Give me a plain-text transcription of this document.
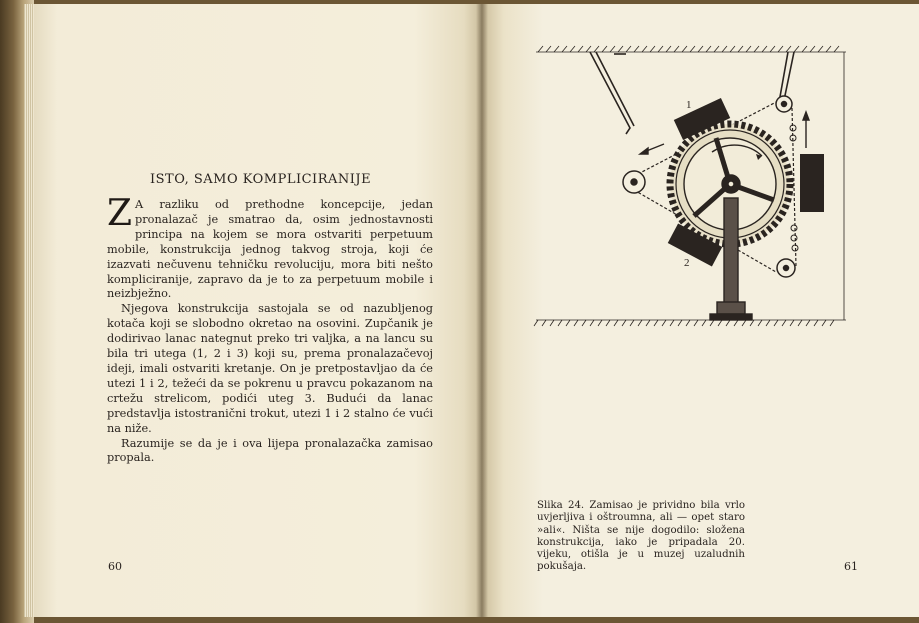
ISTO, SAMO KOMPLICIRANIJE

Z A razliku od prethodne koncepcije, jedan pronalazač je smatrao da, osim jednostavnosti principa na kojem se mora ostvariti perpetuum mobile, konstrukcija jednog takvog stroja, koji će izazvati nečuvenu tehničku revoluciju, mora biti nešto kompliciranije, zapravo da je to za perpetuum mobile i neizbježno.

Njegova konstrukcija sastojala se od nazubljenog kotača koji se slobodno okretao na osovini. Zupčanik je dodirivao lanac nategnut preko tri valjka, a na lancu su bila tri utega (1, 2 i 3) koji su, prema pronalazačevoj ideji, imali ostvariti kretanje. On je pretpostavljao da će utezi 1 i 2, težeći da se pokrenu u pravcu pokazanom na crtežu strelicom, podići uteg 3. Budući da lanac predstavlja istostranični trokut, utezi 1 i 2 stalno će vući na niže.

Razumije se da je i ova lijepa pronalazačka zamisao propala.

60
1
2
3
Slika 24. Zamisao je prividno bila vrlo uvjerljiva i oštroumna, ali — opet staro »ali«. Ništa se nije dogodilo: složena konstrukcija, iako je pripadala 20. vijeku, otišla je u muzej uzaludnih pokušaja.	61
